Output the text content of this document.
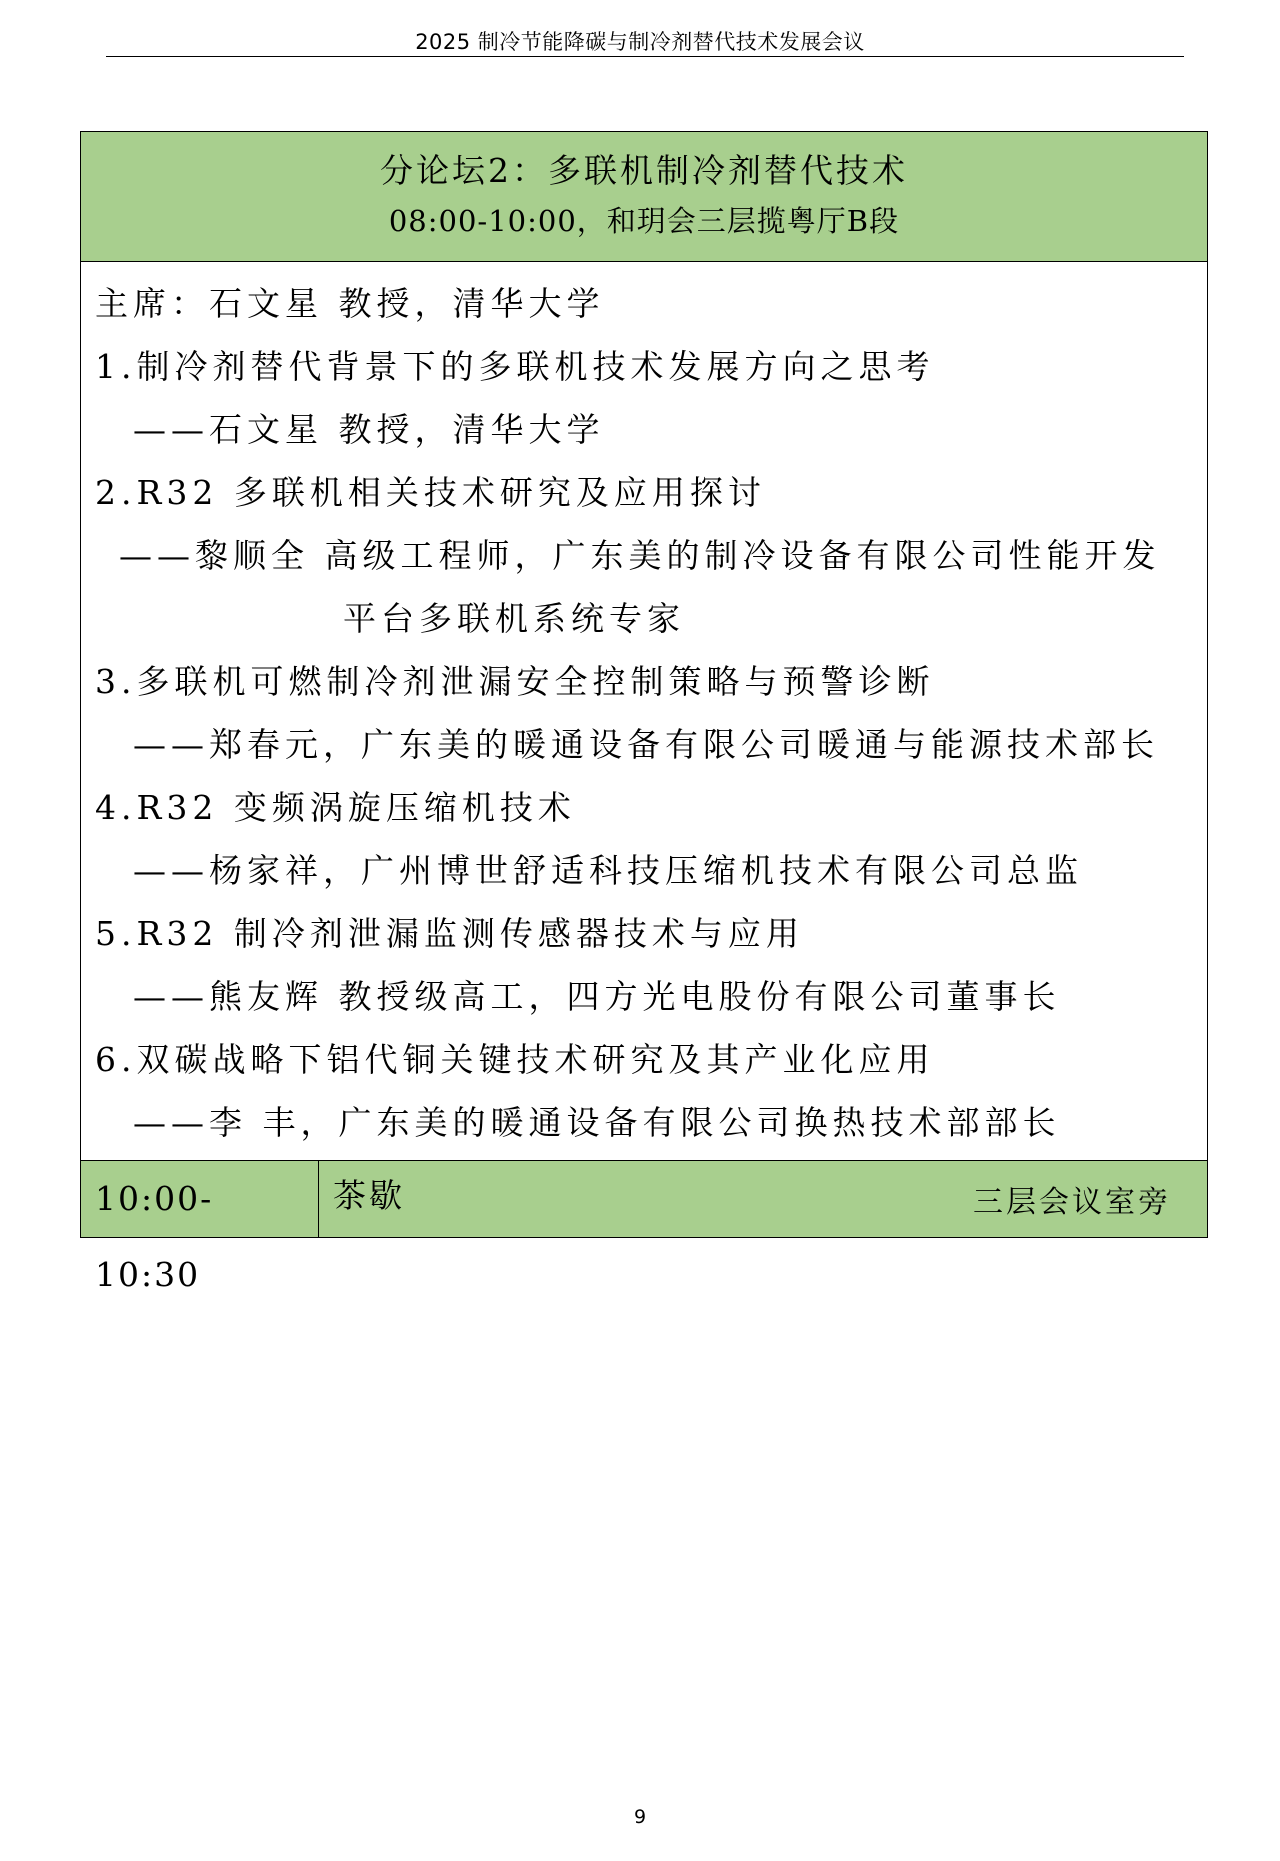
2025 制冷节能降碳与制冷剂替代技术发展会议
分论坛2：多联机制冷剂替代技术
08:00-10:00，和玥会三层揽粤厅B段
主席：石文星 教授，清华大学
1.制冷剂替代背景下的多联机技术发展方向之思考
——石文星 教授，清华大学
2.R32 多联机相关技术研究及应用探讨
——黎顺全 高级工程师，广东美的制冷设备有限公司性能开发
平台多联机系统专家
3.多联机可燃制冷剂泄漏安全控制策略与预警诊断
——郑春元，广东美的暖通设备有限公司暖通与能源技术部长
4.R32 变频涡旋压缩机技术
——杨家祥，广州博世舒适科技压缩机技术有限公司总监
5.R32 制冷剂泄漏监测传感器技术与应用
——熊友辉 教授级高工，四方光电股份有限公司董事长
6.双碳战略下铝代铜关键技术研究及其产业化应用
——李 丰，广东美的暖通设备有限公司换热技术部部长
10:00-10:30
茶歇	三层会议室旁
9
